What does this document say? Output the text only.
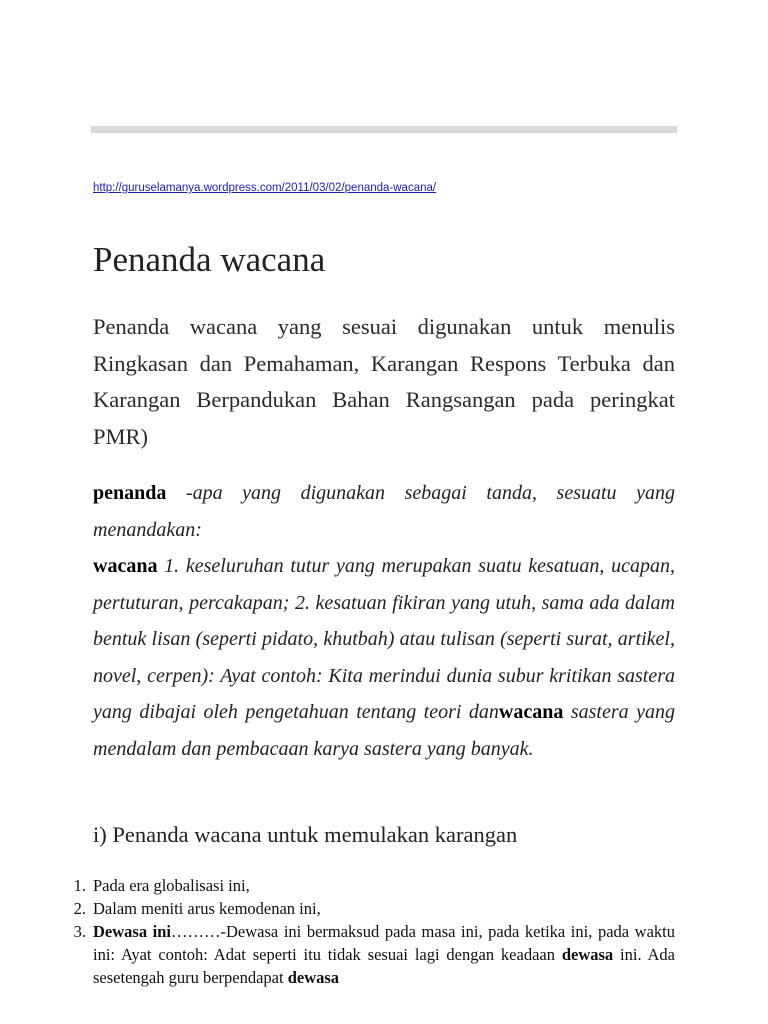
http://guruselamanya.wordpress.com/2011/03/02/penanda-wacana/
Penanda wacana

Penanda wacana yang sesuai digunakan untuk menulis Ringkasan dan Pemahaman, Karangan Respons Terbuka dan Karangan Berpandukan Bahan Rangsangan pada peringkat PMR)

penanda -apa yang digunakan sebagai tanda, sesuatu yang menandakan:

wacana 1. keseluruhan tutur yang merupakan suatu kesatuan, ucapan, pertuturan, percakapan; 2. kesatuan fikiran yang utuh, sama ada dalam bentuk lisan (seperti pidato, khutbah) atau tulisan (seperti surat, artikel, novel, cerpen): Ayat contoh: Kita merindui dunia subur kritikan sastera yang dibajai oleh pengetahuan tentang teori danwacana sastera yang mendalam dan pembacaan karya sastera yang banyak.

i) Penanda wacana untuk memulakan karangan
1. Pada era globalisasi ini,
2. Dalam meniti arus kemodenan ini,
3. Dewasa ini………-Dewasa ini bermaksud pada masa ini, pada ketika ini, pada waktu ini: Ayat contoh: Adat seperti itu tidak sesuai lagi dengan keadaan dewasa ini. Ada sesetengah guru berpendapat dewasa
